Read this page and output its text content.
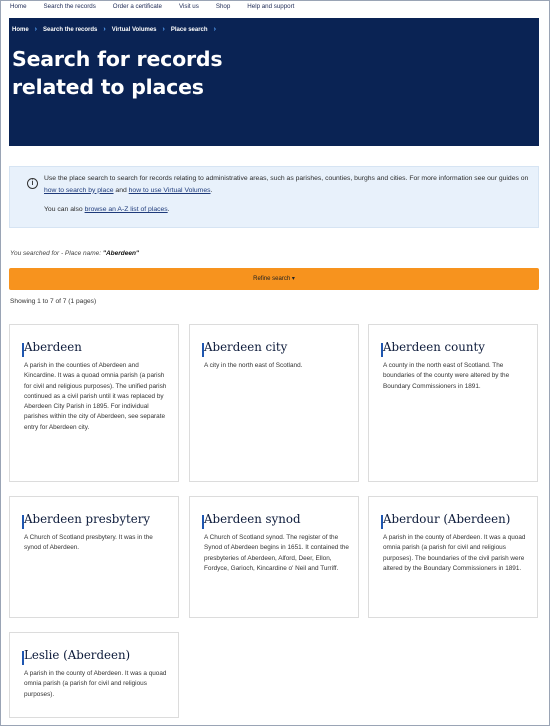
Home	Search the records	Order a certificate	Visit us	Shop	Help and support
Home › Search the records › Virtual Volumes › Place search ›
Search for records
related to places
i
Use the place search to search for records relating to administrative areas, such as parishes, counties, burghs and cities. For more information see our guides on how to search by place and how to use Virtual Volumes.
You can also browse an A-Z list of places.
You searched for - Place name: "Aberdeen"
Refine search ▾
Showing 1 to 7 of 7 (1 pages)
Aberdeen
A parish in the counties of Aberdeen and Kincardine. It was a quoad omnia parish (a parish for civil and religious purposes). The unified parish continued as a civil parish until it was replaced by Aberdeen City Parish in 1895. For individual parishes within the city of Aberdeen, see separate entry for Aberdeen city.
Aberdeen city
A city in the north east of Scotland.
Aberdeen county
A county in the north east of Scotland. The boundaries of the county were altered by the Boundary Commissioners in 1891.
Aberdeen presbytery
A Church of Scotland presbytery. It was in the synod of Aberdeen.
Aberdeen synod
A Church of Scotland synod. The register of the Synod of Aberdeen begins in 1651. It contained the presbyteries of Aberdeen, Alford, Deer, Ellon, Fordyce, Garioch, Kincardine o' Neil and Turriff.
Aberdour (Aberdeen)
A parish in the county of Aberdeen. It was a quoad omnia parish (a parish for civil and religious purposes). The boundaries of the civil parish were altered by the Boundary Commissioners in 1891.
Leslie (Aberdeen)
A parish in the county of Aberdeen. It was a quoad omnia parish (a parish for civil and religious purposes).
